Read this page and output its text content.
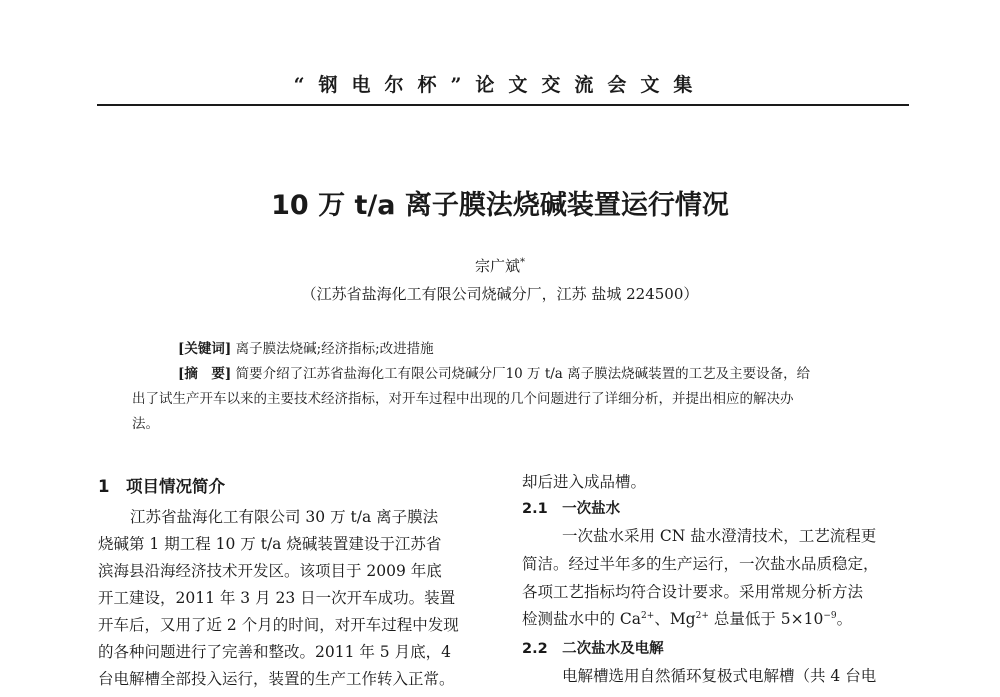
“钢电尔杯”论文交流会文集
10 万 t/a 离子膜法烧碱装置运行情况
宗广斌*
（江苏省盐海化工有限公司烧碱分厂，江苏 盐城 224500）
[关键词] 离子膜法烧碱;经济指标;改进措施
[摘　要] 简要介绍了江苏省盐海化工有限公司烧碱分厂10 万 t/a 离子膜法烧碱装置的工艺及主要设备，给
出了试生产开车以来的主要技术经济指标，对开车过程中出现的几个问题进行了详细分析，并提出相应的解决办
法。
1　项目情况简介
江苏省盐海化工有限公司 30 万 t/a 离子膜法
烧碱第 1 期工程 10 万 t/a 烧碱装置建设于江苏省
滨海县沿海经济技术开发区。该项目于 2009 年底
开工建设，2011 年 3 月 23 日一次开车成功。装置
开车后，又用了近 2 个月的时间，对开车过程中发现
的各种问题进行了完善和整改。2011 年 5 月底，4
台电解槽全部投入运行，装置的生产工作转入正常。
却后进入成品槽。
2.1　一次盐水
一次盐水采用 CN 盐水澄清技术，工艺流程更
简洁。经过半年多的生产运行，一次盐水品质稳定，
各项工艺指标均符合设计要求。采用常规分析方法
检测盐水中的 $Ca^{2+}$、$Mg^{2+}$ 总量低于 $5\times 10^{-9}$。
2.2　二次盐水及电解
电解槽选用自然循环复极式电解槽（共 4 台电
